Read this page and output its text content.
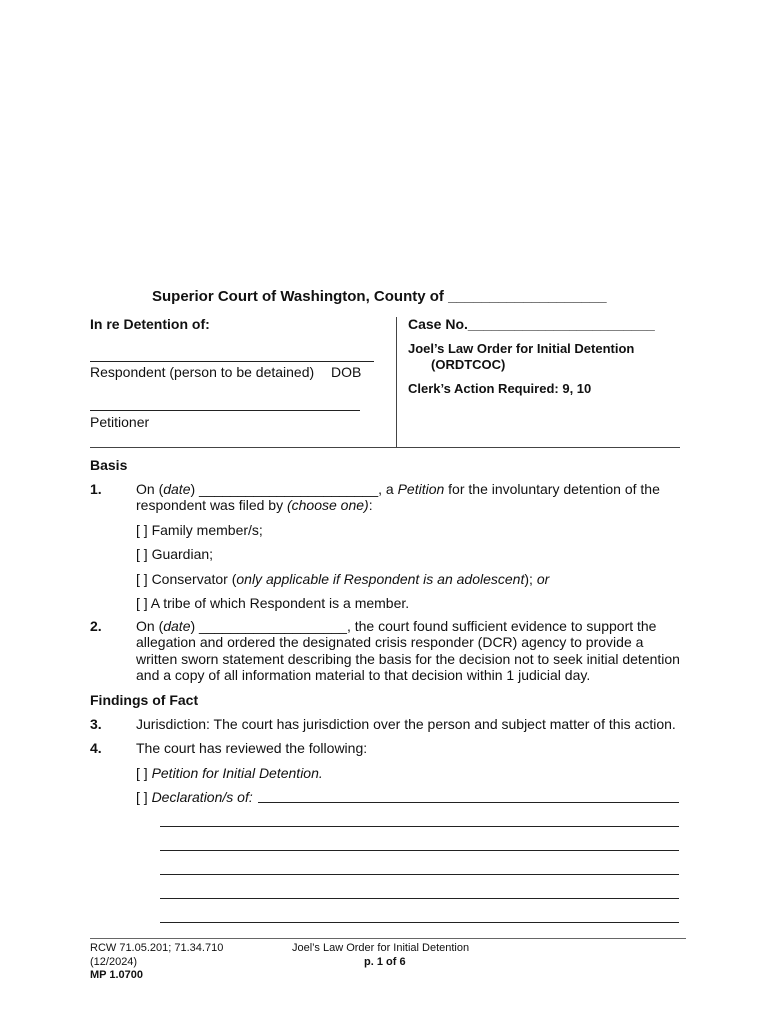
Superior Court of Washington, County of ___________________
In re Detention of:
Respondent (person to be detained) DOB
Petitioner
Case No.________________________
Joel’s Law Order for Initial Detention
(ORDTCOC)
Clerk’s Action Required: 9, 10
Basis
1. On (date) _______________________, a Petition for the involuntary detention of the
respondent was filed by (choose one):
[ ] Family member/s;
[ ] Guardian;
[ ] Conservator (only applicable if Respondent is an adolescent); or
[ ] A tribe of which Respondent is a member.
2. On (date) ___________________, the court found sufficient evidence to support the
allegation and ordered the designated crisis responder (DCR) agency to provide a
written sworn statement describing the basis for the decision not to seek initial detention
and a copy of all information material to that decision within 1 judicial day.
Findings of Fact
3. Jurisdiction: The court has jurisdiction over the person and subject matter of this action.
4. The court has reviewed the following:
[ ] Petition for Initial Detention.
[ ] Declaration/s of:
RCW 71.05.201; 71.34.710
(12/2024)
MP 1.0700
Joel’s Law Order for Initial Detention
p. 1 of 6
